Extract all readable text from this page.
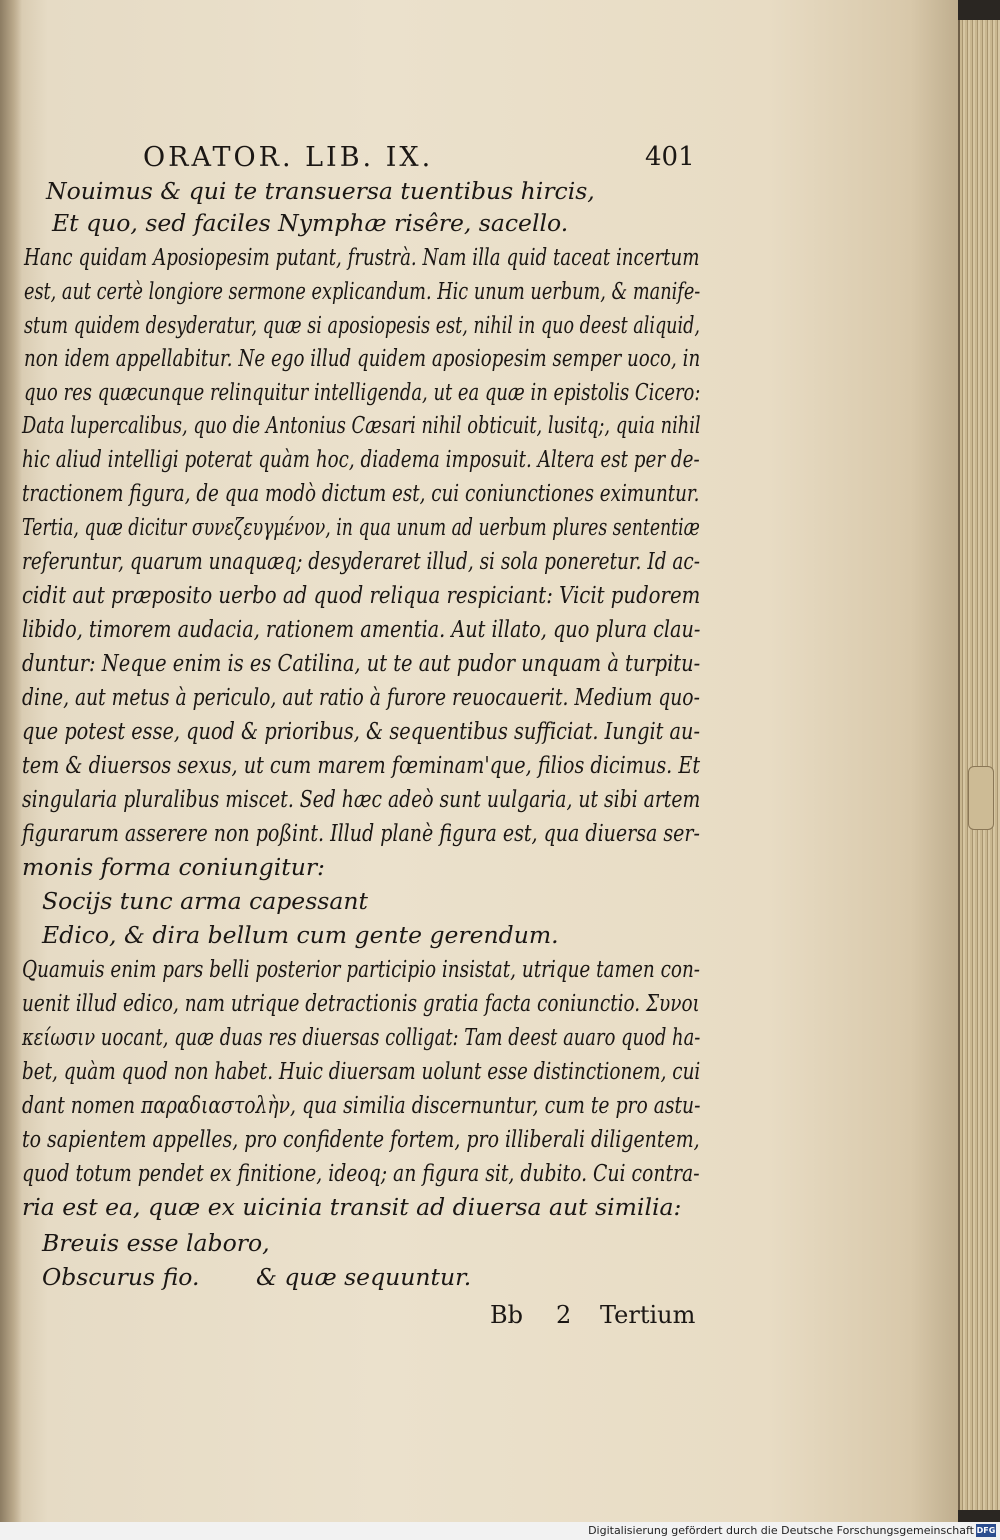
ORATOR. LIB. IX.	401
Nouimus & qui te transuersa tuentibus hircis,
Et quo, sed faciles Nymphæ risêre, sacello.
Hanc quidam Aposiopesim putant, frustrà. Nam illa quid taceat incertum
est, aut certè longiore sermone explicandum. Hic unum uerbum, & manife-
stum quidem desyderatur, quæ si aposiopesis est, nihil in quo deest aliquid,
non idem appellabitur. Ne ego illud quidem aposiopesim semper uoco, in
quo res quæcunque relinquitur intelligenda, ut ea quæ in epistolis Cicero:
Data lupercalibus, quo die Antonius Cæsari nihil obticuit, lusitq;, quia nihil
hic aliud intelligi poterat quàm hoc, diadema imposuit. Altera est per de-
tractionem figura, de qua modò dictum est, cui coniunctiones eximuntur.
Tertia, quæ dicitur συνεζευγμένον, in qua unum ad uerbum plures sententiæ
referuntur, quarum unaquæq; desyderaret illud, si sola poneretur. Id ac-
cidit aut præposito uerbo ad quod reliqua respiciant: Vicit pudorem
libido, timorem audacia, rationem amentia. Aut illato, quo plura clau-
duntur: Neque enim is es Catilina, ut te aut pudor unquam à turpitu-
dine, aut metus à periculo, aut ratio à furore reuocauerit. Medium quo-
que potest esse, quod & prioribus, & sequentibus sufficiat. Iungit au-
tem & diuersos sexus, ut cum marem fœminam'que, filios dicimus. Et
singularia pluralibus miscet. Sed hæc adeò sunt uulgaria, ut sibi artem
figurarum asserere non poßint. Illud planè figura est, qua diuersa ser-
monis forma coniungitur:
Socijs tunc arma capessant
Edico, & dira bellum cum gente gerendum.
Quamuis enim pars belli posterior participio insistat, utrique tamen con-
uenit illud edico, nam utrique detractionis gratia facta coniunctio. Συνοι
κείωσιν uocant, quæ duas res diuersas colligat: Tam deest auaro quod ha-
bet, quàm quod non habet. Huic diuersam uolunt esse distinctionem, cui
dant nomen παραδιαστολὴν, qua similia discernuntur, cum te pro astu-
to sapientem appelles, pro confidente fortem, pro illiberali diligentem,
quod totum pendet ex finitione, ideoq; an figura sit, dubito. Cui contra-
ria est ea, quæ ex uicinia transit ad diuersa aut similia:
Breuis esse laboro,
Obscurus fio. & quæ sequuntur.
Bb 2 Tertium
Digitalisierung gefördert durch die Deutsche Forschungsgemeinschaft DFG
